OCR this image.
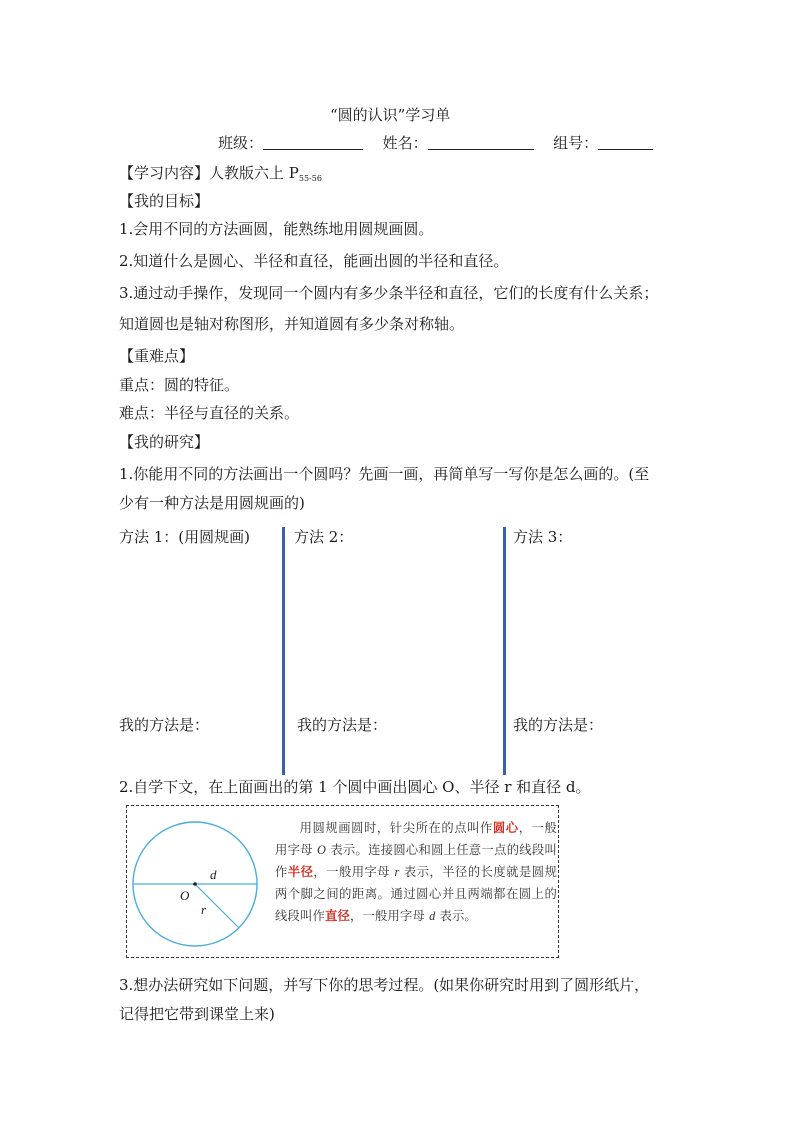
“圆的认识”学习单
班级：	姓名：	组号：
【学习内容】人教版六上 $P_{55-56}$
【我的目标】
1.会用不同的方法画圆，能熟练地用圆规画圆。
2.知道什么是圆心、半径和直径，能画出圆的半径和直径。
3.通过动手操作，发现同一个圆内有多少条半径和直径，它们的长度有什么关系；
知道圆也是轴对称图形，并知道圆有多少条对称轴。
【重难点】
重点：圆的特征。
难点：半径与直径的关系。
【我的研究】
1.你能用不同的方法画出一个圆吗？先画一画，再简单写一写你是怎么画的。(至
少有一种方法是用圆规画的)
方法 1：(用圆规画)	方法 2：	方法 3：
我的方法是：	我的方法是：	我的方法是：
2.自学下文，在上面画出的第 1 个圆中画出圆心 O、半径 r 和直径 d。
O
r
d
用圆规画圆时，针尖所在的点叫作圆心，一般用字母 O 表示。连接圆心和圆上任意一点的线段叫作半径，一般用字母 r 表示，半径的长度就是圆规两个脚之间的距离。通过圆心并且两端都在圆上的线段叫作直径，一般用字母 d 表示。
3.想办法研究如下问题，并写下你的思考过程。(如果你研究时用到了圆形纸片，
记得把它带到课堂上来)
